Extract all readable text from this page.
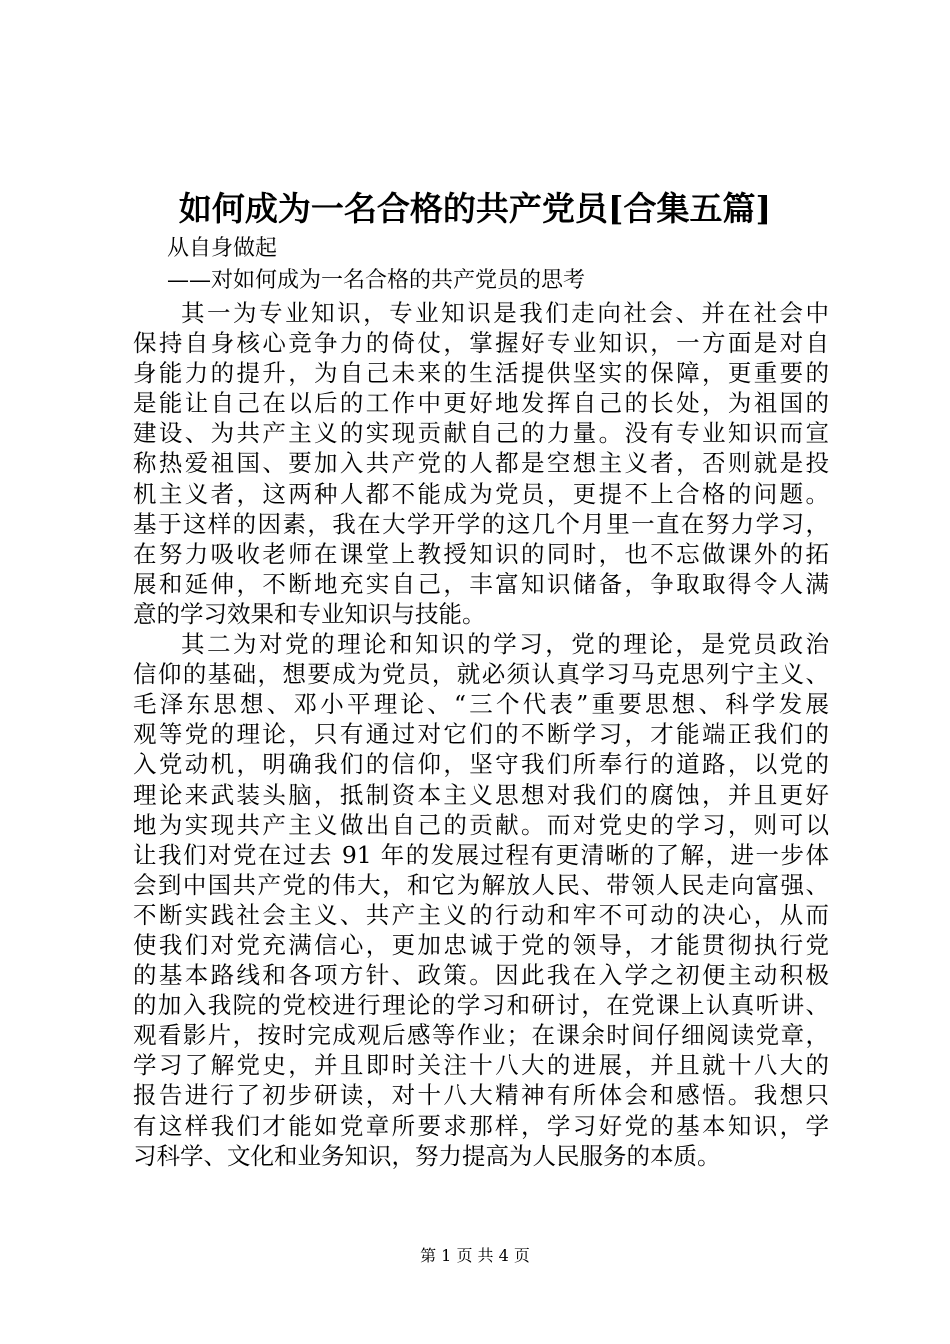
如何成为一名合格的共产党员[合集五篇]
从自身做起
——对如何成为一名合格的共产党员的思考
其一为专业知识，专业知识是我们走向社会、并在社会中
保持自身核心竞争力的倚仗，掌握好专业知识，一方面是对自
身能力的提升，为自己未来的生活提供坚实的保障，更重要的
是能让自己在以后的工作中更好地发挥自己的长处，为祖国的
建设、为共产主义的实现贡献自己的力量。没有专业知识而宣
称热爱祖国、要加入共产党的人都是空想主义者，否则就是投
机主义者，这两种人都不能成为党员，更提不上合格的问题。
基于这样的因素，我在大学开学的这几个月里一直在努力学习，
在努力吸收老师在课堂上教授知识的同时，也不忘做课外的拓
展和延伸，不断地充实自己，丰富知识储备，争取取得令人满
意的学习效果和专业知识与技能。
其二为对党的理论和知识的学习，党的理论，是党员政治
信仰的基础，想要成为党员，就必须认真学习马克思列宁主义、
毛泽东思想、邓小平理论、“三个代表”重要思想、科学发展
观等党的理论，只有通过对它们的不断学习，才能端正我们的
入党动机，明确我们的信仰，坚守我们所奉行的道路，以党的
理论来武装头脑，抵制资本主义思想对我们的腐蚀，并且更好
地为实现共产主义做出自己的贡献。而对党史的学习，则可以
让我们对党在过去 91 年的发展过程有更清晰的了解，进一步体
会到中国共产党的伟大，和它为解放人民、带领人民走向富强、
不断实践社会主义、共产主义的行动和牢不可动的决心，从而
使我们对党充满信心，更加忠诚于党的领导，才能贯彻执行党
的基本路线和各项方针、政策。因此我在入学之初便主动积极
的加入我院的党校进行理论的学习和研讨，在党课上认真听讲、
观看影片，按时完成观后感等作业；在课余时间仔细阅读党章，
学习了解党史，并且即时关注十八大的进展，并且就十八大的
报告进行了初步研读，对十八大精神有所体会和感悟。我想只
有这样我们才能如党章所要求那样，学习好党的基本知识，学
习科学、文化和业务知识，努力提高为人民服务的本质。
第 1 页 共 4 页
